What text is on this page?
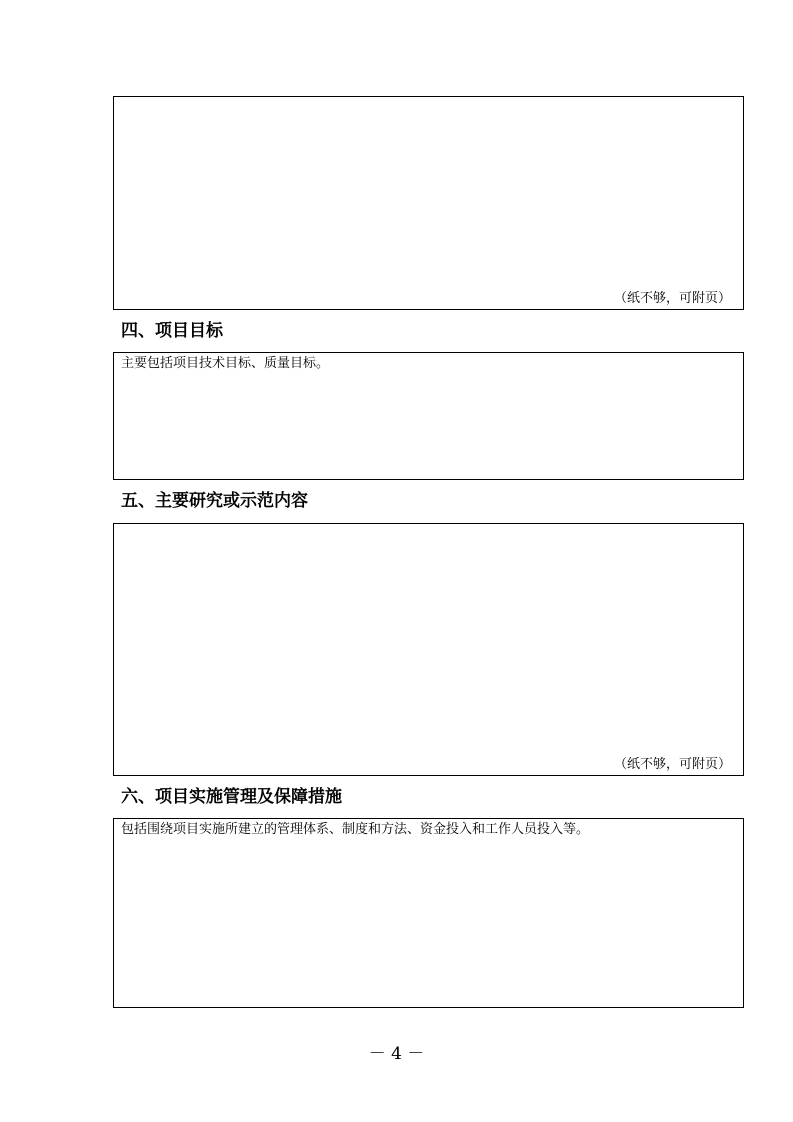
（纸不够，可附页）
四、项目目标
主要包括项目技术目标、质量目标。
五、主要研究或示范内容
（纸不够，可附页）
六、项目实施管理及保障措施
包括围绕项目实施所建立的管理体系、制度和方法、资金投入和工作人员投入等。
－ 4 －
